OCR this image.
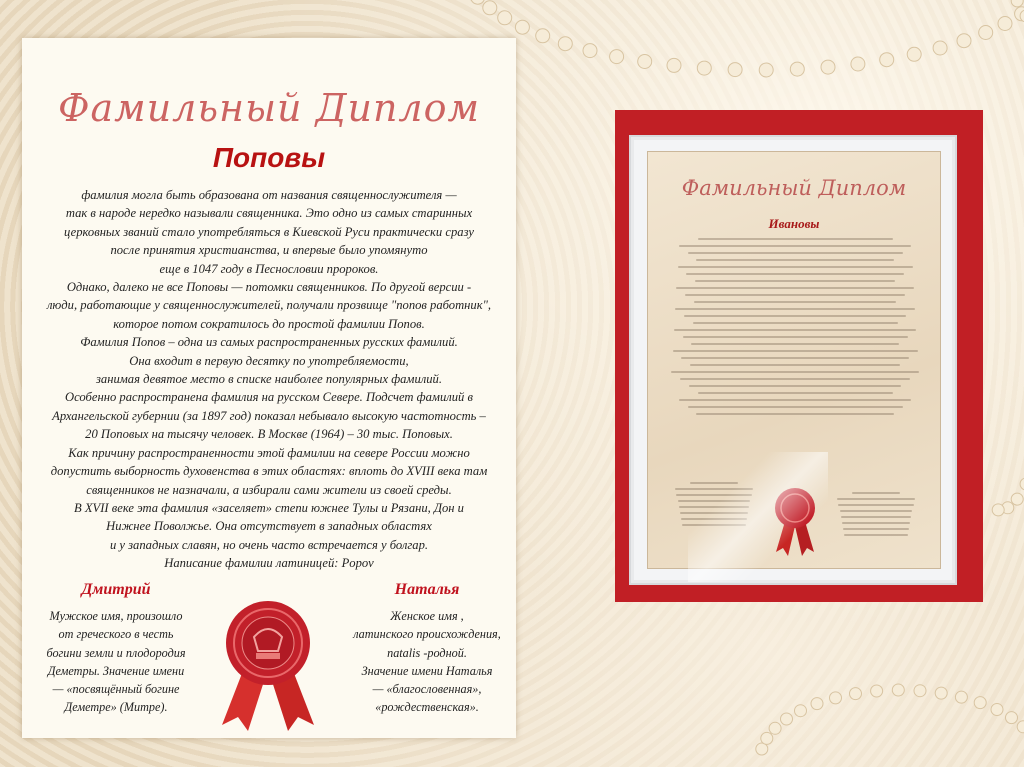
Фамильный Диплом
Поповы

фамилия могла быть образована от названия священнослужителя —

так в народе нередко называли священника. Это одно из самых старинных

церковных званий стало употребляться в Киевской Руси практически сразу

после принятия христианства, и впервые было упомянуто

еще в 1047 году в Песнословии пророков.

Однако, далеко не все Поповы — потомки священников. По другой версии -

люди, работающие у священнослужителей, получали прозвище "попов работник",

которое потом сократилось до простой фамилии Попов.

Фамилия Попов – одна из самых распространенных русских фамилий.

Она входит в первую десятку по употребляемости,

занимая девятое место в списке наиболее популярных фамилий.

Особенно распространена фамилия на русском Севере. Подсчет фамилий в

Архангельской губернии (за 1897 год) показал небывало высокую частотность –

20 Поповых на тысячу человек. В Москве (1964) – 30 тыс. Поповых.

Как причину распространенности этой фамилии на севере России можно

допустить выборность духовенства в этих областях: вплоть до XVIII века там

священников не назначали, а избирали сами жители из своей среды.

В XVII веке эта фамилия «заселяет» степи южнее Тулы и Рязани, Дон и

Нижнее Поволжье. Она отсутствует в западных областях

и у западных славян, но очень часто встречается у болгар.

Написание фамилии латиницей: Popov

Дмитрий

Мужское имя, произошло

от греческого в честь

богини земли и плодородия

Деметры. Значение имени

— «посвящённый богине

Деметре» (Митре).

Наталья

Женское имя ,

латинского происхождения,

natalis -родной.

Значение имени Наталья

— «благословенная»,

«рождественская».

Фамильный Диплом
Ивановы
